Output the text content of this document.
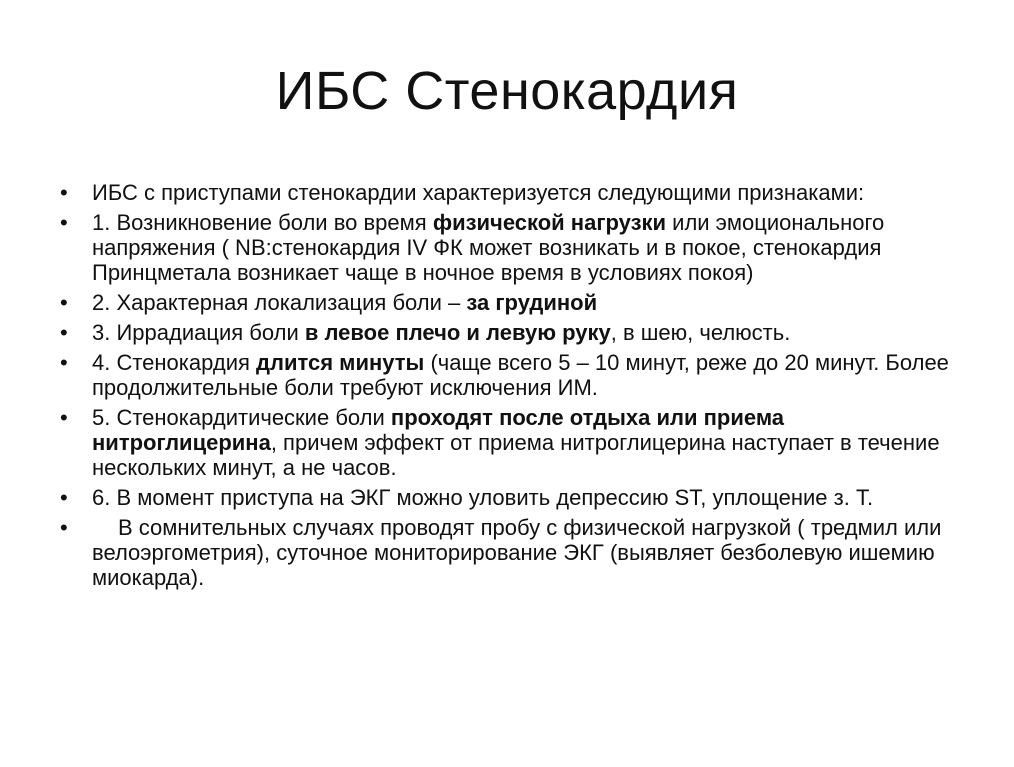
ИБС Стенокардия
•	ИБС с приступами стенокардии характеризуется следующими признаками:
•	1. Возникновение боли во время физической нагрузки или эмоционального напряжения ( NB:стенокардия IV ФК может возникать и в покое, стенокардия Принцметала возникает чаще в ночное время в условиях покоя)
•	2. Характерная локализация боли – за грудиной
•	3. Иррадиация боли в левое плечо и левую руку, в шею, челюсть.
•	4. Стенокардия длится минуты (чаще всего 5 – 10 минут, реже до 20 минут. Более продолжительные боли требуют исключения ИМ.
•	5. Стенокардитические боли проходят после отдыха или приема нитроглицерина, причем эффект от приема нитроглицерина наступает в течение нескольких минут, а не часов.
•	6. В момент приступа на ЭКГ можно уловить депрессию ST, уплощение з. Т.
•	В сомнительных случаях проводят пробу с физической нагрузкой ( тредмил или велоэргометрия), суточное мониторирование ЭКГ (выявляет безболевую ишемию миокарда).
